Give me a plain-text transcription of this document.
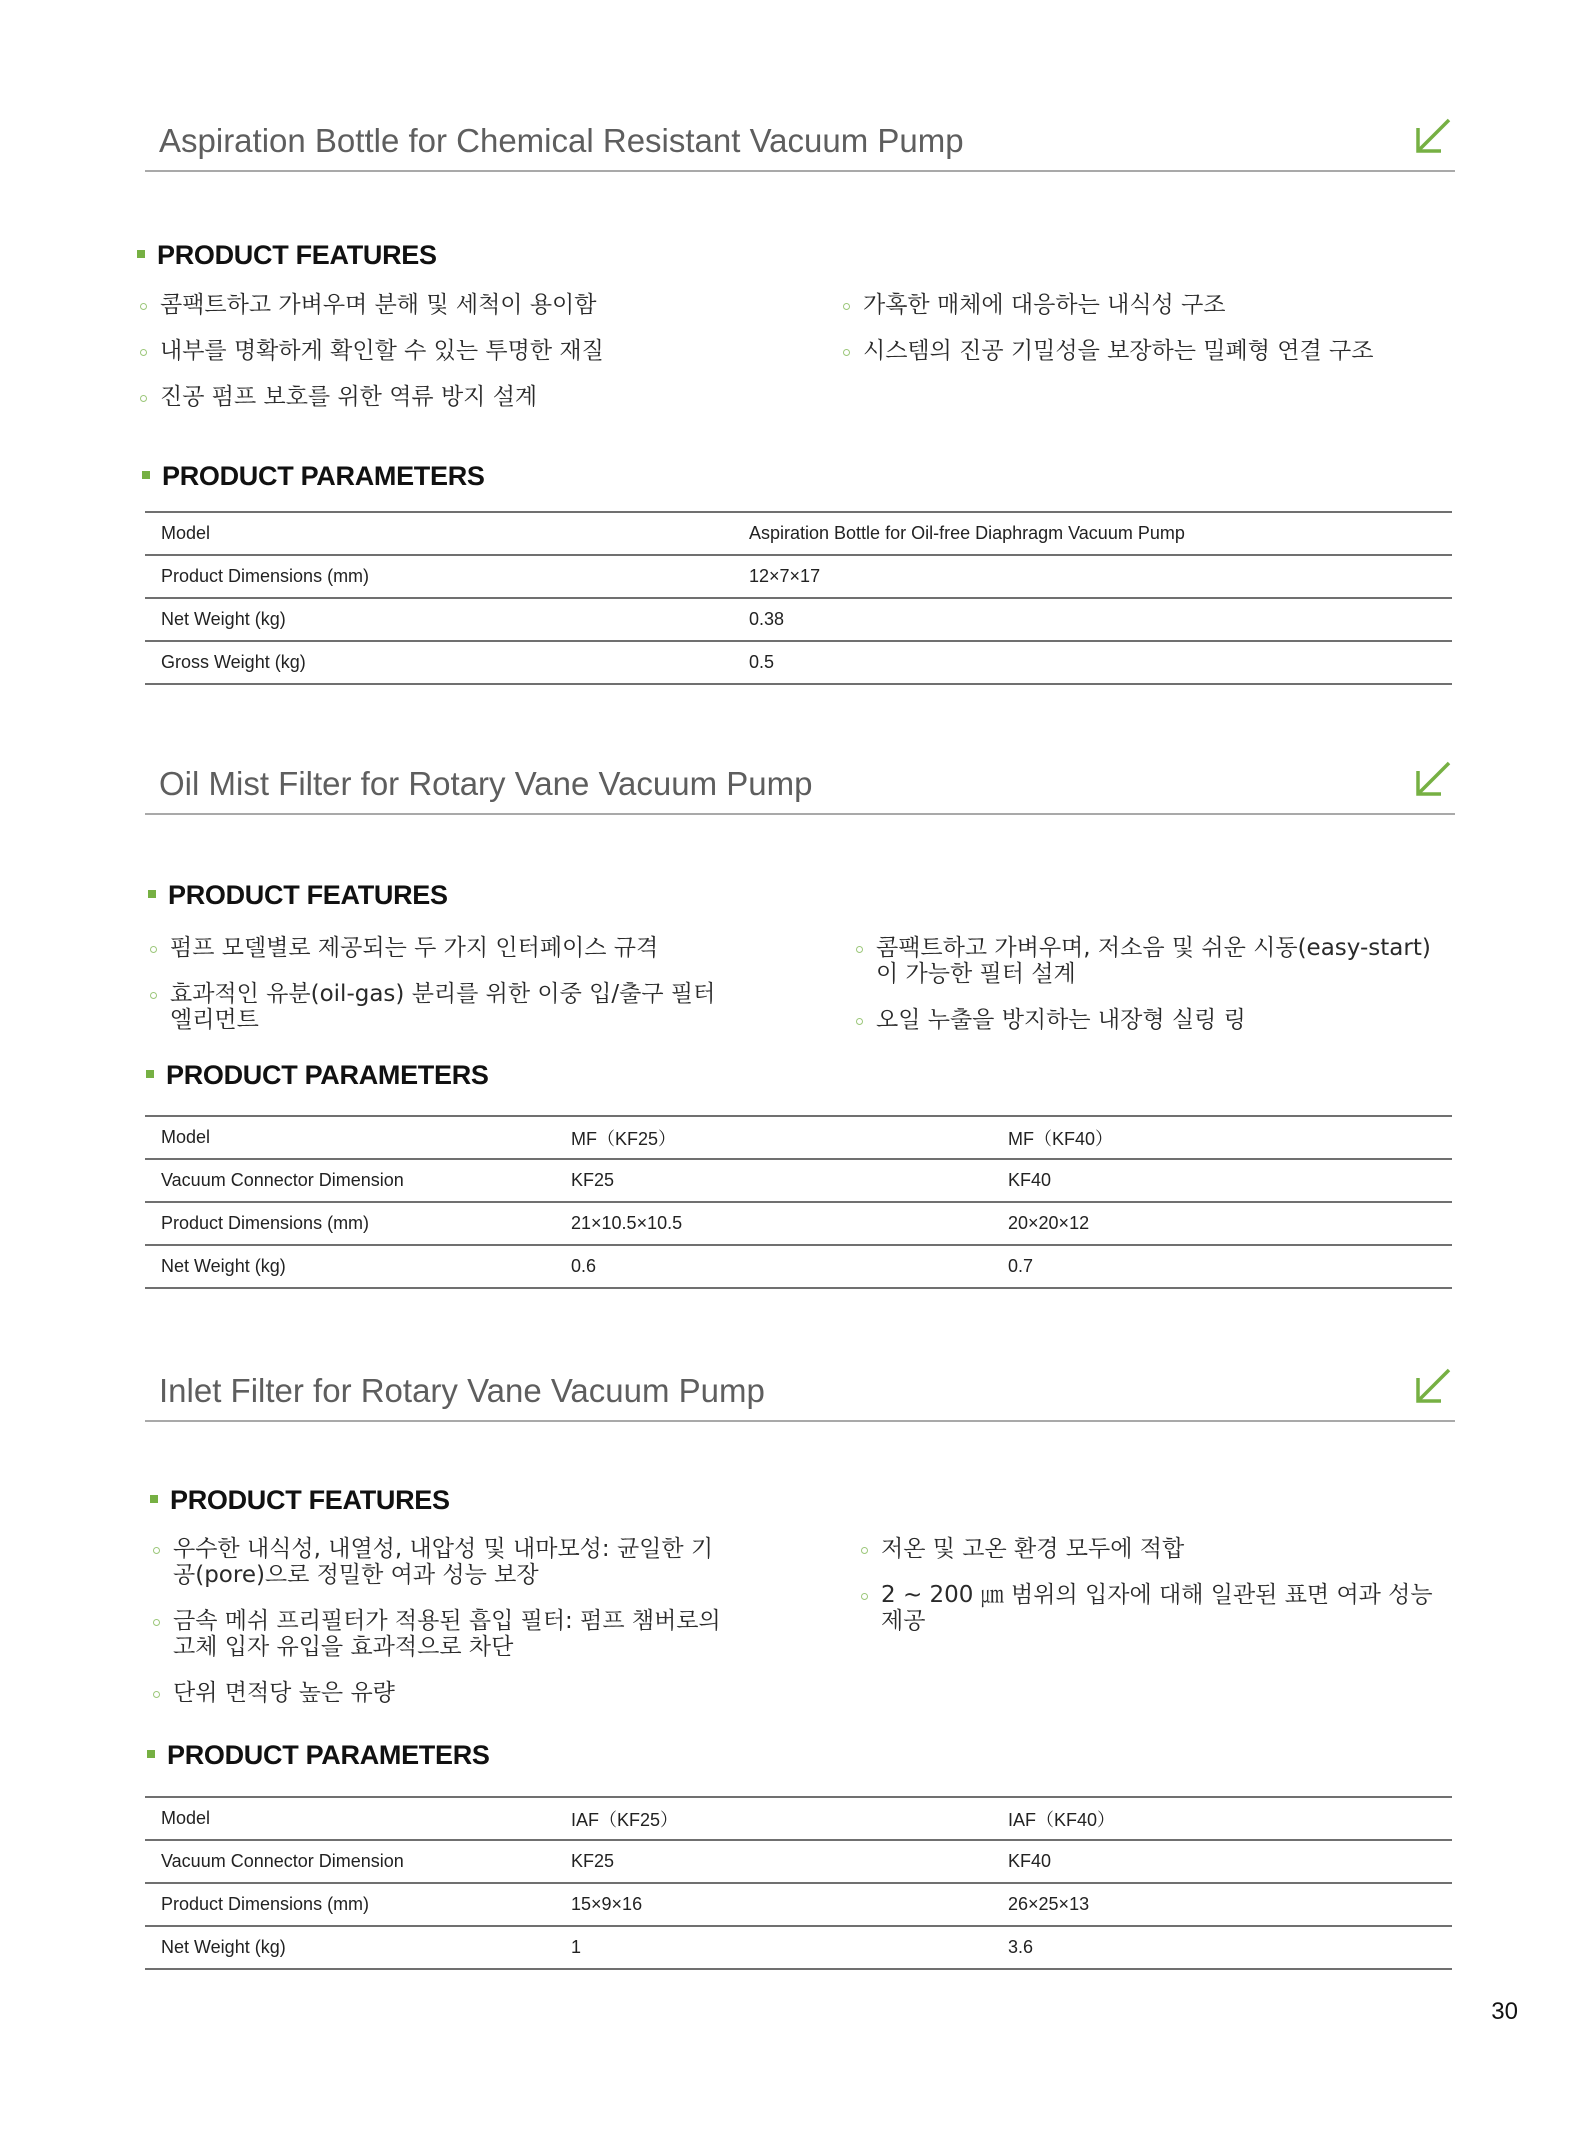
Aspiration Bottle for Chemical Resistant Vacuum Pump
PRODUCT FEATURES
콤팩트하고 가벼우며 분해 및 세척이 용이함
내부를 명확하게 확인할 수 있는 투명한 재질
진공 펌프 보호를 위한 역류 방지 설계
가혹한 매체에 대응하는 내식성 구조
시스템의 진공 기밀성을 보장하는 밀폐형 연결 구조
PRODUCT PARAMETERS
Model	Aspiration Bottle for Oil-free Diaphragm Vacuum Pump
Product Dimensions (mm)	12×7×17
Net Weight (kg)	0.38
Gross Weight (kg)	0.5
Oil Mist Filter for Rotary Vane Vacuum Pump
PRODUCT FEATURES
펌프 모델별로 제공되는 두 가지 인터페이스 규격
효과적인 유분(oil-gas) 분리를 위한 이중 입/출구 필터 엘리먼트
콤팩트하고 가벼우며, 저소음 및 쉬운 시동(easy-start)이 가능한 필터 설계
오일 누출을 방지하는 내장형 실링 링
PRODUCT PARAMETERS
Model	MF（KF25）	MF（KF40）
Vacuum Connector Dimension	KF25	KF40
Product Dimensions (mm)	21×10.5×10.5	20×20×12
Net Weight (kg)	0.6	0.7
Inlet Filter for Rotary Vane Vacuum Pump
PRODUCT FEATURES
우수한 내식성, 내열성, 내압성 및 내마모성: 균일한 기공(pore)으로 정밀한 여과 성능 보장
금속 메쉬 프리필터가 적용된 흡입 필터: 펌프 챔버로의 고체 입자 유입을 효과적으로 차단
단위 면적당 높은 유량
저온 및 고온 환경 모두에 적합
2 ~ 200 ㎛ 범위의 입자에 대해 일관된 표면 여과 성능 제공
PRODUCT PARAMETERS
Model	IAF（KF25）	IAF（KF40）
Vacuum Connector Dimension	KF25	KF40
Product Dimensions (mm)	15×9×16	26×25×13
Net Weight (kg)	1	3.6
30
